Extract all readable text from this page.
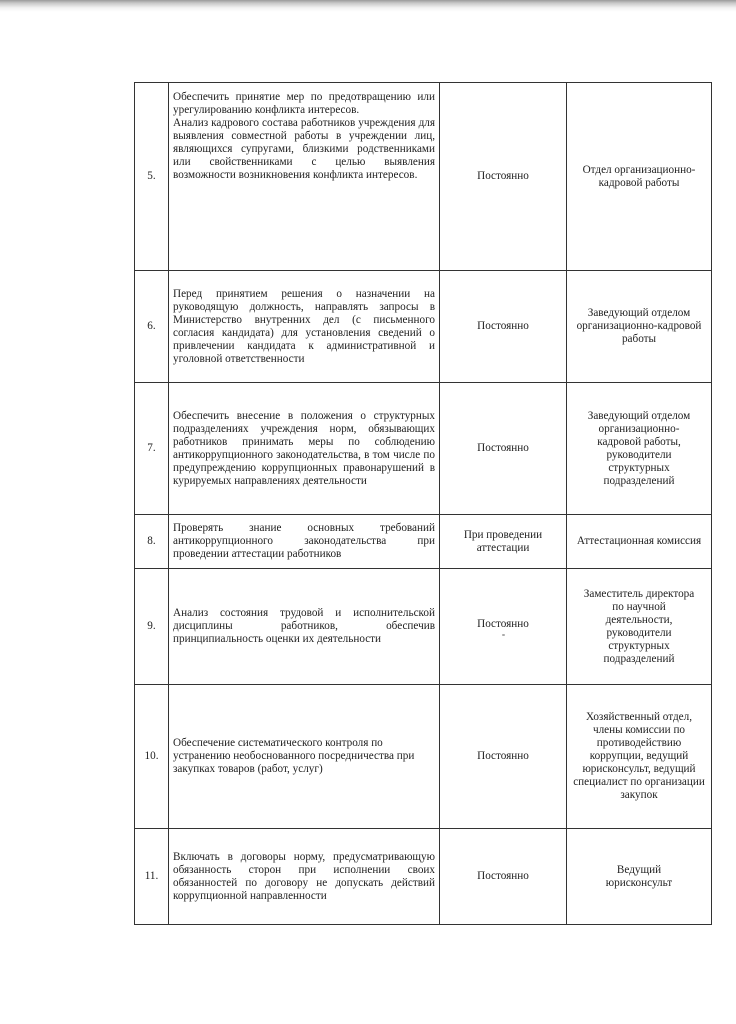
5.	Обеспечить принятие мер по предотвращению или урегулированию конфликта интересов.
Анализ кадрового состава работников учреждения для выявления совместной работы в учреждении лиц, являющихся супругами, близкими родственниками или свойственниками с целью выявления возможности возникновения конфликта интересов.	Постоянно	Отдел организационно-кадровой работы
6.	Перед принятием решения о назначении на руководящую должность, направлять запросы в Министерство внутренних дел (с письменного согласия кандидата) для установления сведений о привлечении кандидата к административной и уголовной ответственности	Постоянно	Заведующий отделом организационно-кадровой работы
7.	Обеспечить внесение в положения о структурных подразделениях учреждения норм, обязывающих работников принимать меры по соблюдению антикоррупционного законодательства, в том числе по предупреждению коррупционных правонарушений в курируемых направлениях деятельности	Постоянно	Заведующий отделом организационно-кадровой работы, руководители структурных подразделений
8.	Проверять знание основных требований антикоррупционного законодательства при проведении аттестации работников	При проведении аттестации	Аттестационная комиссия
9.	Анализ состояния трудовой и исполнительской дисциплины работников, обеспечив принципиальность оценки их деятельности	Постоянно	Заместитель директора по научной деятельности, руководители структурных подразделений
10.	Обеспечение систематического контроля по устранению необоснованного посредничества при закупках товаров (работ, услуг)	Постоянно	Хозяйственный отдел, члены комиссии по противодействию коррупции, ведущий юрисконсульт, ведущий специалист по организации закупок
11.	Включать в договоры норму, предусматривающую обязанность сторон при исполнении своих обязанностей по договору не допускать действий коррупционной направленности	Постоянно	Ведущий юрисконсульт
